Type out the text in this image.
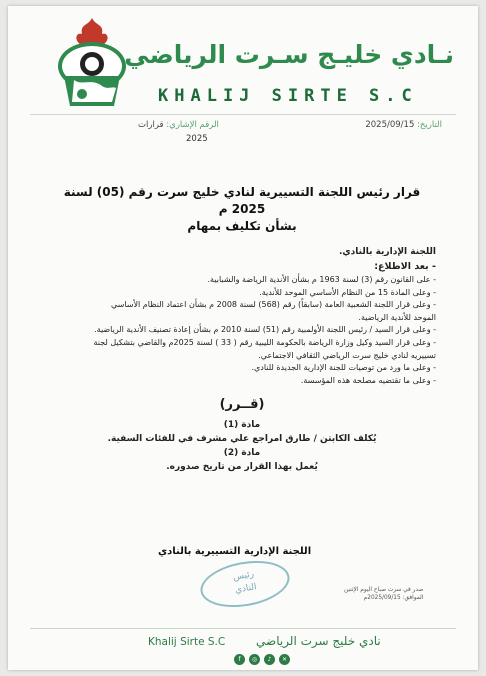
نـادي خليـج سـرت الرياضي
KHALIJ SIRTE S.C
التاريخ: 2025/09/15
الرقم الإشاري: قرارات
2025
قرار رئيس اللجنة التسييرية لنادي خليج سرت رقم (05) لسنة 2025 م
بشأن تكليف بمهام
اللجنة الإدارية بالنادي.
- بعد الاطلاع:
- على القانون رقم (3) لسنة 1963 م بشأن الأندية الرياضة والشبابية.
- وعلى المادة 15 من النظام الأساسي الموحد للأندية.
- وعلى قرار اللجنة الشعبية العامة (سابقاً) رقم (568) لسنة 2008 م بشأن اعتماد النظام الأساسي
الموحد للأندية الرياضية.
- وعلى قرار السيد / رئيس اللجنة الأولمبية رقم (51) لسنة 2010 م بشأن إعادة تصنيف الأندية الرياضية.
- وعلى قرار السيد وكيل وزارة الرياضة بالحكومة الليبية رقم ( 33 ) لسنة 2025م والقاضي بتشكيل لجنة
تسييريه لنادي خليج سرت الرياضي الثقافي الاجتماعي.
- وعلى ما ورد من توصيات للجنة الإدارية الجديدة للنادي.
- وعلى ما تقتضيه مصلحة هذه المؤسسة.
(قــرر)
مادة (1)
يُكلف الكابتن / طارق امراجع علي مشرف في للفئات السفية.
مادة (2)
يُعمل بهذا القرار من تاريخ صدوره.
اللجنة الإدارية التسييرية بالنادي
رئيس
النادي	صدر في سرت صباح اليوم الإثنين
الموافق: 2025/09/15م
Khalij Sirte S.C	نادي خليج سرت الرياضي
f	◎	♪	✕
